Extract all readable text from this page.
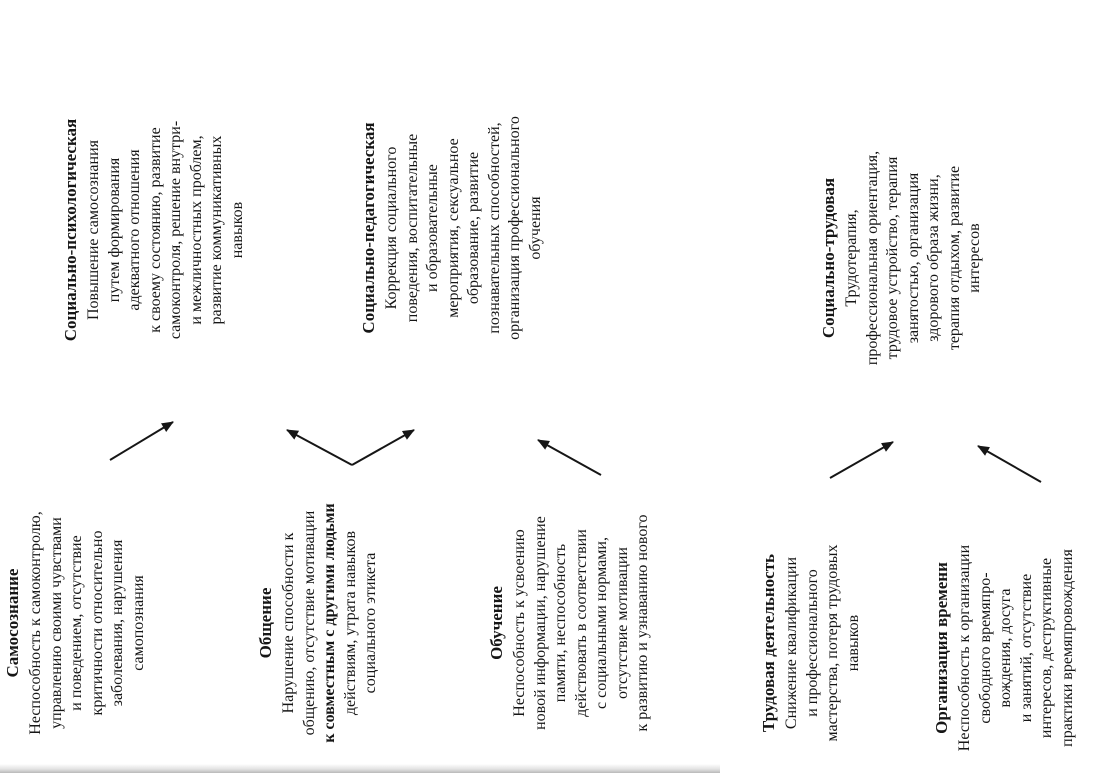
Самосознание Неспособность к самоконтролю, управлению своими чувствами и поведением, отсутствие критичности относительно заболевания, нарушения самопознания	Общение Нарушение способности к общению, отсутствие мотивации к совместным с другими людьми действиям, утрата навыков социального этикета	Обучение Неспособность к усвоению новой информации, нарушение памяти, неспособность действовать в соответствии с социальными нормами, отсутствие мотивации к развитию и узнаванию нового	Трудовая деятельность Снижение квалификации и профессионального мастерства, потеря трудовых навыков	Организация времени Неспособность к организации свободного времяпро- вождения, досуга и занятий, отсутствие интересов, деструктивные практики времяпровождения
Социально-психологическая Повышение самосознания путем формирования адекватного отношения к своему состоянию, развитие самоконтроля, решение внутри- и межличностных проблем, развитие коммуникативных навыков	Социально-педагогическая Коррекция социального поведения, воспитательные и образовательные мероприятия, сексуальное образование, развитие познавательных способностей, организация профессионального обучения	Социально-трудовая Трудотерапия, профессиональная ориентация, трудовое устройство, терапия занятостью, организация здорового образа жизни, терапия отдыхом, развитие интересов
